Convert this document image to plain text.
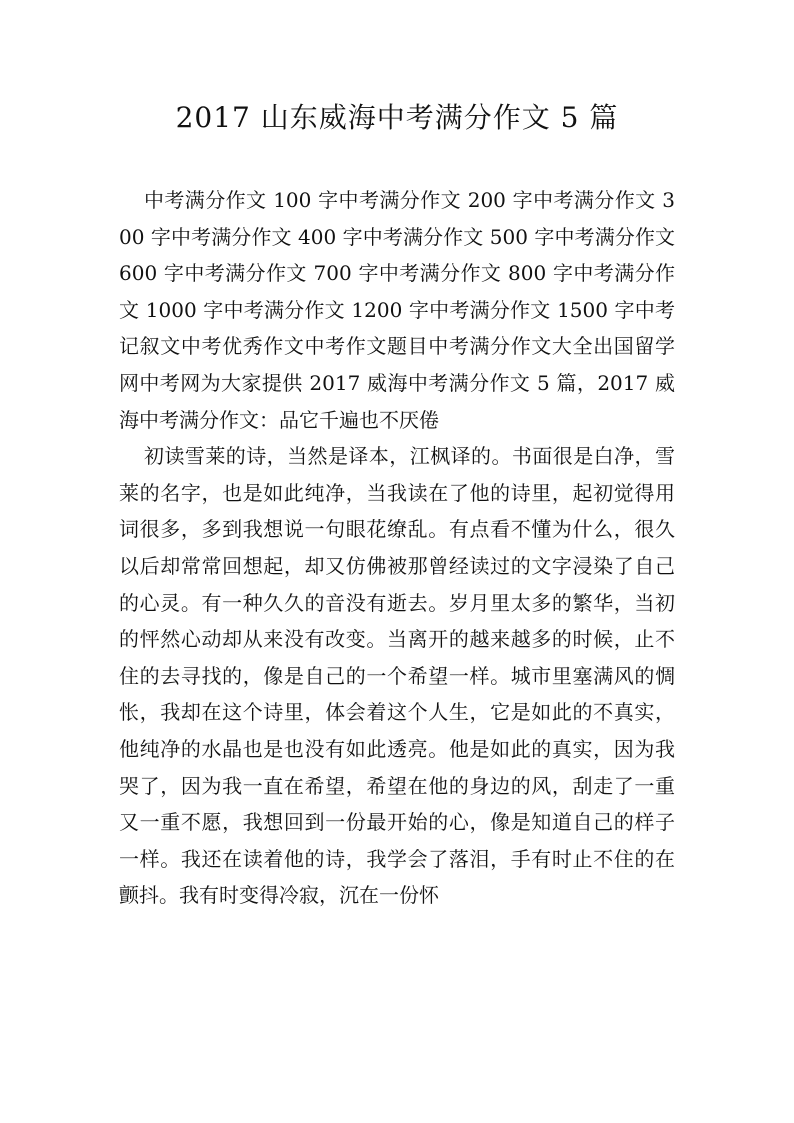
2017 山东威海中考满分作文 5 篇

中考满分作文 100 字中考满分作文 200 字中考满分作文 300 字中考满分作文 400 字中考满分作文 500 字中考满分作文 600 字中考满分作文 700 字中考满分作文 800 字中考满分作文 1000 字中考满分作文 1200 字中考满分作文 1500 字中考记叙文中考优秀作文中考作文题目中考满分作文大全出国留学网中考网为大家提供 2017 威海中考满分作文 5 篇，2017 威海中考满分作文：品它千遍也不厌倦

初读雪莱的诗，当然是译本，江枫译的。书面很是白净，雪莱的名字，也是如此纯净，当我读在了他的诗里，起初觉得用词很多，多到我想说一句眼花缭乱。有点看不懂为什么，很久以后却常常回想起，却又仿佛被那曾经读过的文字浸染了自己的心灵。有一种久久的音没有逝去。岁月里太多的繁华，当初的怦然心动却从来没有改变。当离开的越来越多的时候，止不住的去寻找的，像是自己的一个希望一样。城市里塞满风的惆怅，我却在这个诗里，体会着这个人生，它是如此的不真实，他纯净的水晶也是也没有如此透亮。他是如此的真实，因为我哭了，因为我一直在希望，希望在他的身边的风，刮走了一重又一重不愿，我想回到一份最开始的心，像是知道自己的样子一样。我还在读着他的诗，我学会了落泪，手有时止不住的在颤抖。我有时变得冷寂，沉在一份怀
